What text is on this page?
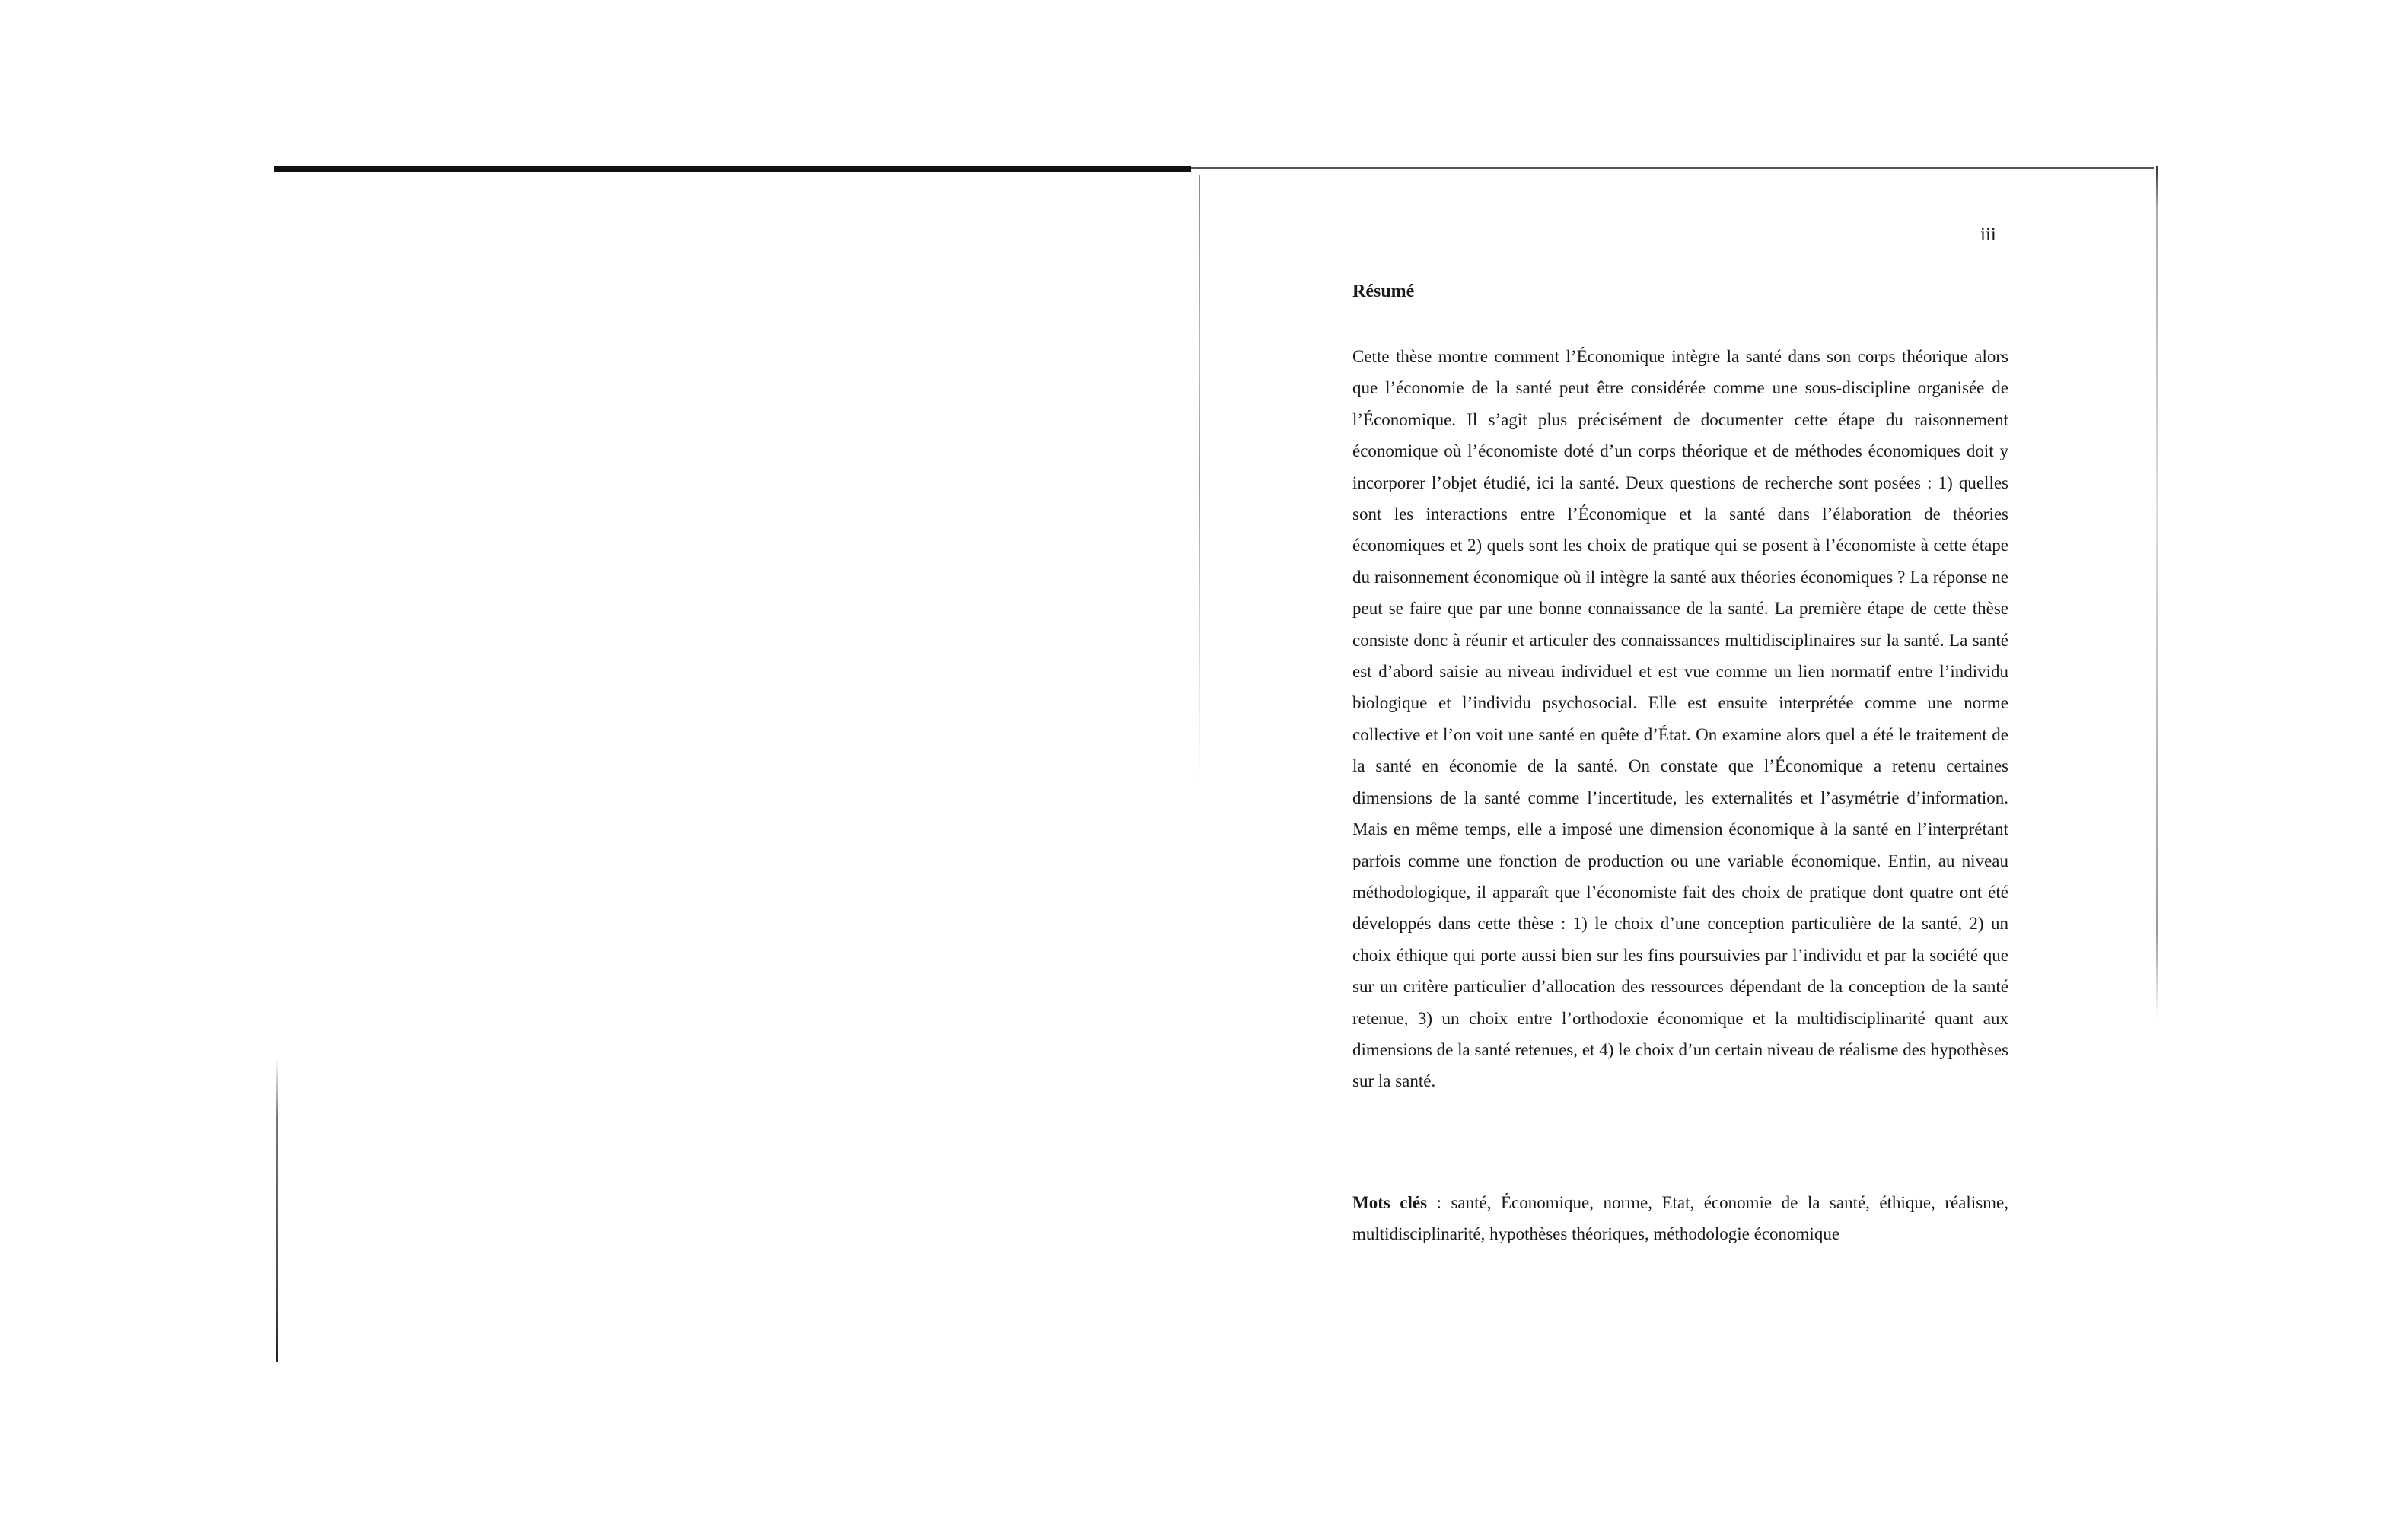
iii
Résumé

Cette thèse montre comment l’Économique intègre la santé dans son corps théorique alors que l’économie de la santé peut être considérée comme une sous-discipline organisée de l’Économique. Il s’agit plus précisément de documenter cette étape du raisonnement économique où l’économiste doté d’un corps théorique et de méthodes économiques doit y incorporer l’objet étudié, ici la santé. Deux questions de recherche sont posées : 1) quelles sont les interactions entre l’Économique et la santé dans l’élaboration de théories économiques et 2) quels sont les choix de pratique qui se posent à l’économiste à cette étape du raisonnement économique où il intègre la santé aux théories économiques ? La réponse ne peut se faire que par une bonne connaissance de la santé. La première étape de cette thèse consiste donc à réunir et articuler des connaissances multidisciplinaires sur la santé. La santé est d’abord saisie au niveau individuel et est vue comme un lien normatif entre l’individu biologique et l’individu psychosocial. Elle est ensuite interprétée comme une norme collective et l’on voit une santé en quête d’État. On examine alors quel a été le traitement de la santé en économie de la santé. On constate que l’Économique a retenu certaines dimensions de la santé comme l’incertitude, les externalités et l’asymétrie d’information. Mais en même temps, elle a imposé une dimension économique à la santé en l’interprétant parfois comme une fonction de production ou une variable économique. Enfin, au niveau méthodologique, il apparaît que l’économiste fait des choix de pratique dont quatre ont été développés dans cette thèse : 1) le choix d’une conception particulière de la santé, 2) un choix éthique qui porte aussi bien sur les fins poursuivies par l’individu et par la société que sur un critère particulier d’allocation des ressources dépendant de la conception de la santé retenue, 3) un choix entre l’orthodoxie économique et la multidisciplinarité quant aux dimensions de la santé retenues, et 4) le choix d’un certain niveau de réalisme des hypothèses sur la santé.

Mots clés : santé, Économique, norme, Etat, économie de la santé, éthique, réalisme, multidisciplinarité, hypothèses théoriques, méthodologie économique
